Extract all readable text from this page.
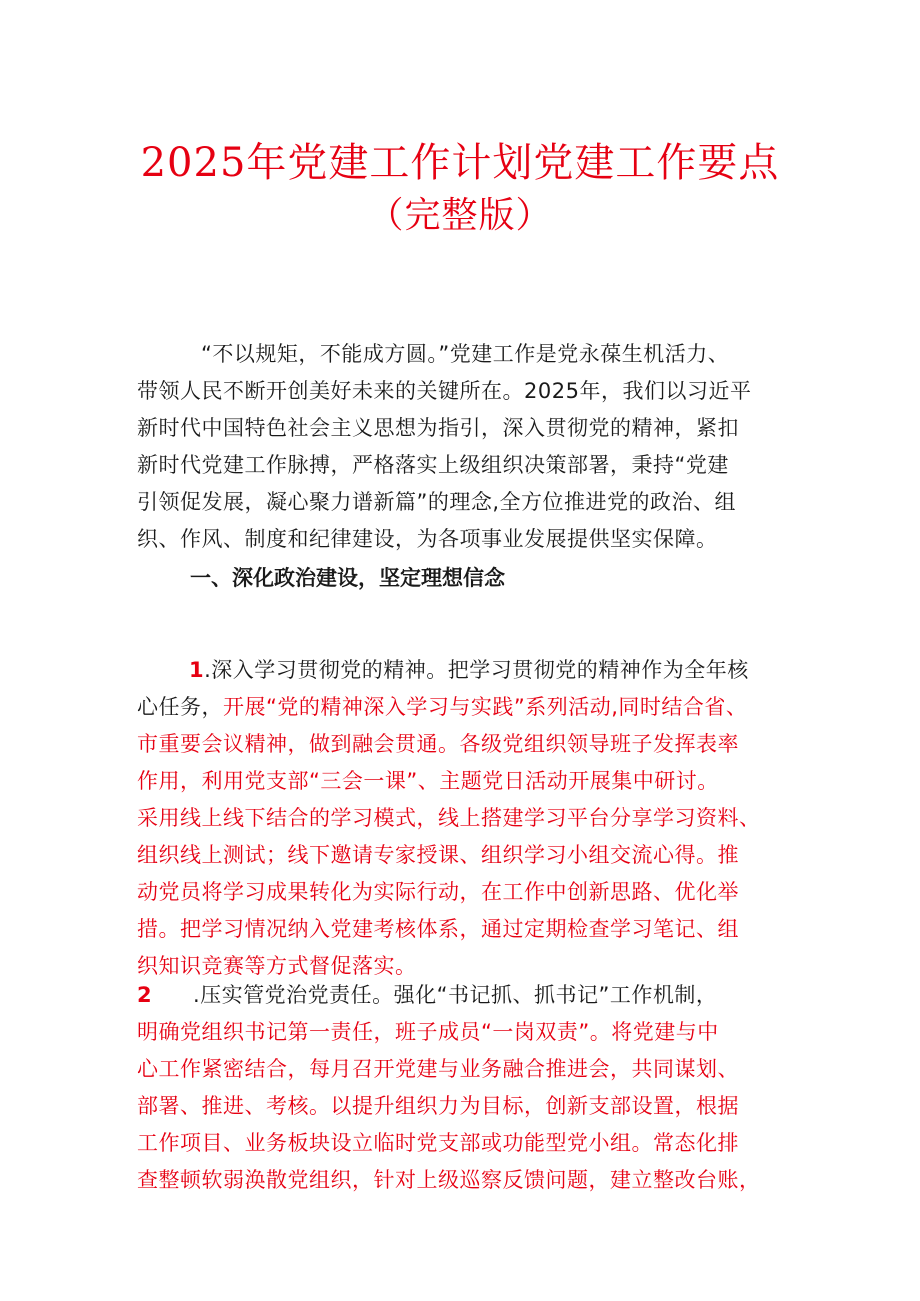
2025年党建工作计划党建工作要点
（完整版）
“不以规矩，不能成方圆。”党建工作是党永葆生机活力、
带领人民不断开创美好未来的关键所在。2025年，我们以习近平
新时代中国特色社会主义思想为指引，深入贯彻党的精神，紧扣
新时代党建工作脉搏，严格落实上级组织决策部署，秉持“党建
引领促发展，凝心聚力谱新篇”的理念,全方位推进党的政治、组
织、作风、制度和纪律建设，为各项事业发展提供坚实保障。
一、深化政治建设，坚定理想信念
1.深入学习贯彻党的精神。把学习贯彻党的精神作为全年核
心任务，开展“党的精神深入学习与实践”系列活动,同时结合省、
市重要会议精神，做到融会贯通。各级党组织领导班子发挥表率
作用，利用党支部“三会一课”、主题党日活动开展集中研讨。
采用线上线下结合的学习模式，线上搭建学习平台分享学习资料、
组织线上测试；线下邀请专家授课、组织学习小组交流心得。推
动党员将学习成果转化为实际行动，在工作中创新思路、优化举
措。把学习情况纳入党建考核体系，通过定期检查学习笔记、组
织知识竞赛等方式督促落实。
2 .压实管党治党责任。强化“书记抓、抓书记”工作机制，
明确党组织书记第一责任，班子成员“一岗双责”。将党建与中
心工作紧密结合，每月召开党建与业务融合推进会，共同谋划、
部署、推进、考核。以提升组织力为目标，创新支部设置，根据
工作项目、业务板块设立临时党支部或功能型党小组。常态化排
查整顿软弱涣散党组织，针对上级巡察反馈问题，建立整改台账，
